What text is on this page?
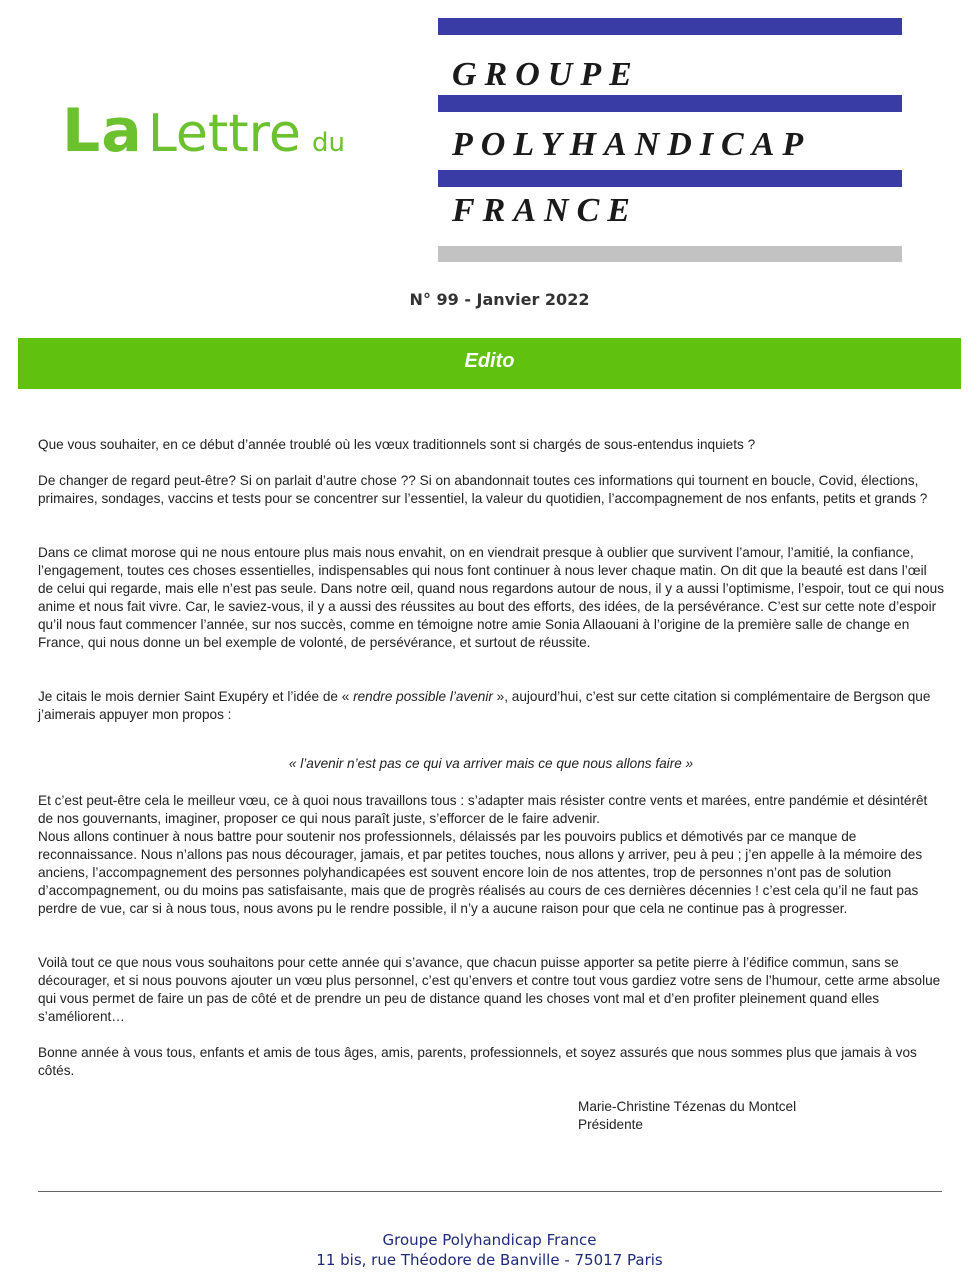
La Lettre du
GROUPE
POLYHANDICAP
FRANCE
N° 99 - Janvier 2022
Edito

Que vous souhaiter, en ce début d’année troublé où les vœux traditionnels sont si chargés de sous-entendus inquiets ?

De changer de regard peut-être? Si on parlait d’autre chose ?? Si on abandonnait toutes ces informations qui tournent en boucle, Covid, élections, primaires, sondages, vaccins et tests pour se concentrer sur l’essentiel, la valeur du quotidien, l’accompagnement de nos enfants, petits et grands ?

Dans ce climat morose qui ne nous entoure plus mais nous envahit, on en viendrait presque à oublier que survivent l’amour, l’amitié, la confiance, l’engagement, toutes ces choses essentielles, indispensables qui nous font continuer à nous lever chaque matin. On dit que la beauté est dans l’œil de celui qui regarde, mais elle n’est pas seule. Dans notre œil, quand nous regardons autour de nous, il y a aussi l’optimisme, l’espoir, tout ce qui nous anime et nous fait vivre. Car, le saviez-vous, il y a aussi des réussites au bout des efforts, des idées, de la persévérance. C’est sur cette note d’espoir qu’il nous faut commencer l’année, sur nos succès, comme en témoigne notre amie Sonia Allaouani à l’origine de la première salle de change en France, qui nous donne un bel exemple de volonté, de persévérance, et surtout de réussite.

Je citais le mois dernier Saint Exupéry et l’idée de « rendre possible l’avenir », aujourd’hui, c’est sur cette citation si complémentaire de Bergson que j’aimerais appuyer mon propos :

« l’avenir n’est pas ce qui va arriver mais ce que nous allons faire »

Et c’est peut-être cela le meilleur vœu, ce à quoi nous travaillons tous : s’adapter mais résister contre vents et marées, entre pandémie et désintérêt de nos gouvernants, imaginer, proposer ce qui nous paraît juste, s’efforcer de le faire advenir.

Nous allons continuer à nous battre pour soutenir nos professionnels, délaissés par les pouvoirs publics et démotivés par ce manque de reconnaissance. Nous n’allons pas nous décourager, jamais, et par petites touches, nous allons y arriver, peu à peu ; j’en appelle à la mémoire des anciens, l’accompagnement des personnes polyhandicapées est souvent encore loin de nos attentes, trop de personnes n’ont pas de solution d’accompagnement, ou du moins pas satisfaisante, mais que de progrès réalisés au cours de ces dernières décennies ! c’est cela qu’il ne faut pas perdre de vue, car si à nous tous, nous avons pu le rendre possible, il n’y a aucune raison pour que cela ne continue pas à progresser.

Voilà tout ce que nous vous souhaitons pour cette année qui s’avance, que chacun puisse apporter sa petite pierre à l’édifice commun, sans se décourager, et si nous pouvons ajouter un vœu plus personnel, c’est qu’envers et contre tout vous gardiez votre sens de l’humour, cette arme absolue qui vous permet de faire un pas de côté et de prendre un peu de distance quand les choses vont mal et d’en profiter pleinement quand elles s’améliorent…

Bonne année à vous tous, enfants et amis de tous âges, amis, parents, professionnels, et soyez assurés que nous sommes plus que jamais à vos côtés.

Marie-Christine Tézenas du Montcel
Présidente
Groupe Polyhandicap France
11 bis, rue Théodore de Banville - 75017 Paris
